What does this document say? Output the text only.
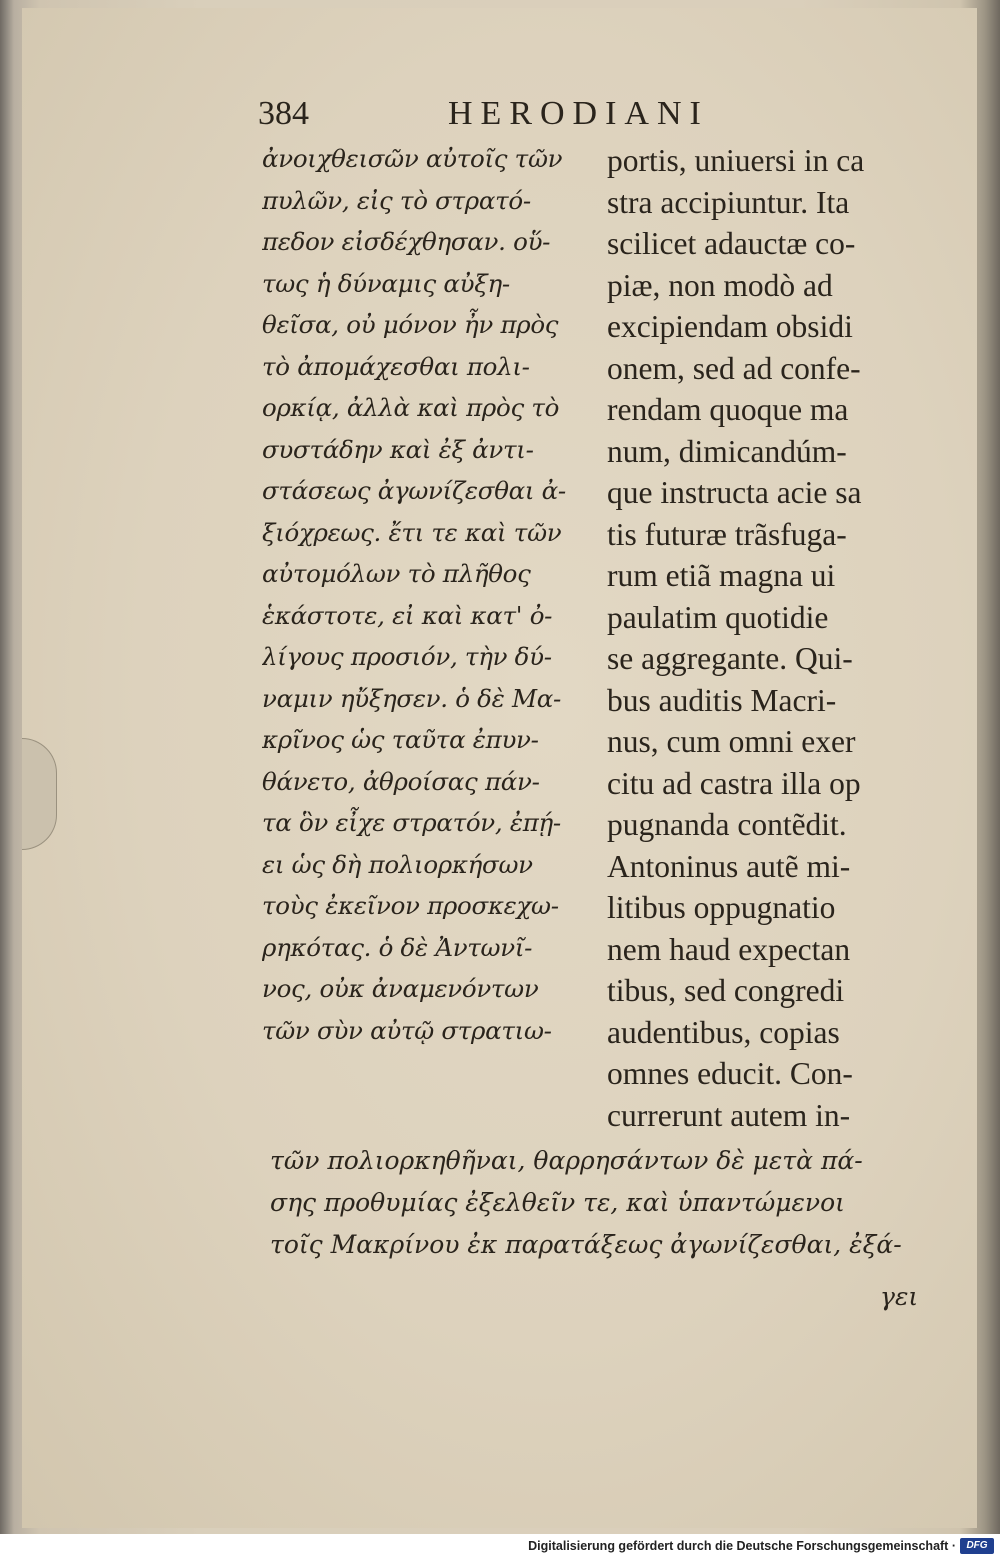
384	HERODIANI
ἀνοιχθεισῶν αὐτοῖς τῶν
πυλῶν, εἰς τὸ στρατό-
πεδον εἰσδέχθησαν. οὕ-
τως ἡ δύναμις αὐξη-
θεῖσα, οὐ μόνον ἦν πρὸς
τὸ ἀπομάχεσθαι πολι-
ορκίᾳ, ἀλλὰ καὶ πρὸς τὸ
συστάδην καὶ ἐξ ἀντι-
στάσεως ἀγωνίζεσθαι ἀ-
ξιόχρεως. ἔτι τε καὶ τῶν
αὐτομόλων τὸ πλῆθος
ἑκάστοτε, εἰ καὶ κατ' ὀ-
λίγους προσιόν, τὴν δύ-
ναμιν ηὔξησεν. ὁ δὲ Μα-
κρῖνος ὡς ταῦτα ἐπυν-
θάνετο, ἀθροίσας πάν-
τα ὃν εἶχε στρατόν, ἐπῄ-
ει ὡς δὴ πολιορκήσων
τοὺς ἐκεῖνον προσκεχω-
ρηκότας. ὁ δὲ Ἀντωνῖ-
νος, οὐκ ἀναμενόντων
τῶν σὺν αὐτῷ στρατιω-
portis, uniuersi in ca
stra accipiuntur. Ita
scilicet adauctæ co-
piæ, non modò ad
excipiendam obsidi
onem, sed ad confe-
rendam quoque ma
num, dimicandúm-
que instructa acie sa
tis futuræ trãsfuga-
rum etiã magna ui
paulatim quotidie
se aggregante. Qui-
bus auditis Macri-
nus, cum omni exer
citu ad castra illa op
pugnanda contẽdit.
Antoninus autẽ mi-
litibus oppugnatio
nem haud expectan
tibus, sed congredi
audentibus, copias
omnes educit. Con-
currerunt autem in-
τῶν πολιορκηθῆναι, θαρρησάντων δὲ μετὰ πά-
σης προθυμίας ἐξελθεῖν τε, καὶ ὑπαντώμενοι
τοῖς Μακρίνου ἐκ παρατάξεως ἀγωνίζεσθαι, ἐξά-
γει
Digitalisierung gefördert durch die Deutsche Forschungsgemeinschaft ·	DFG
